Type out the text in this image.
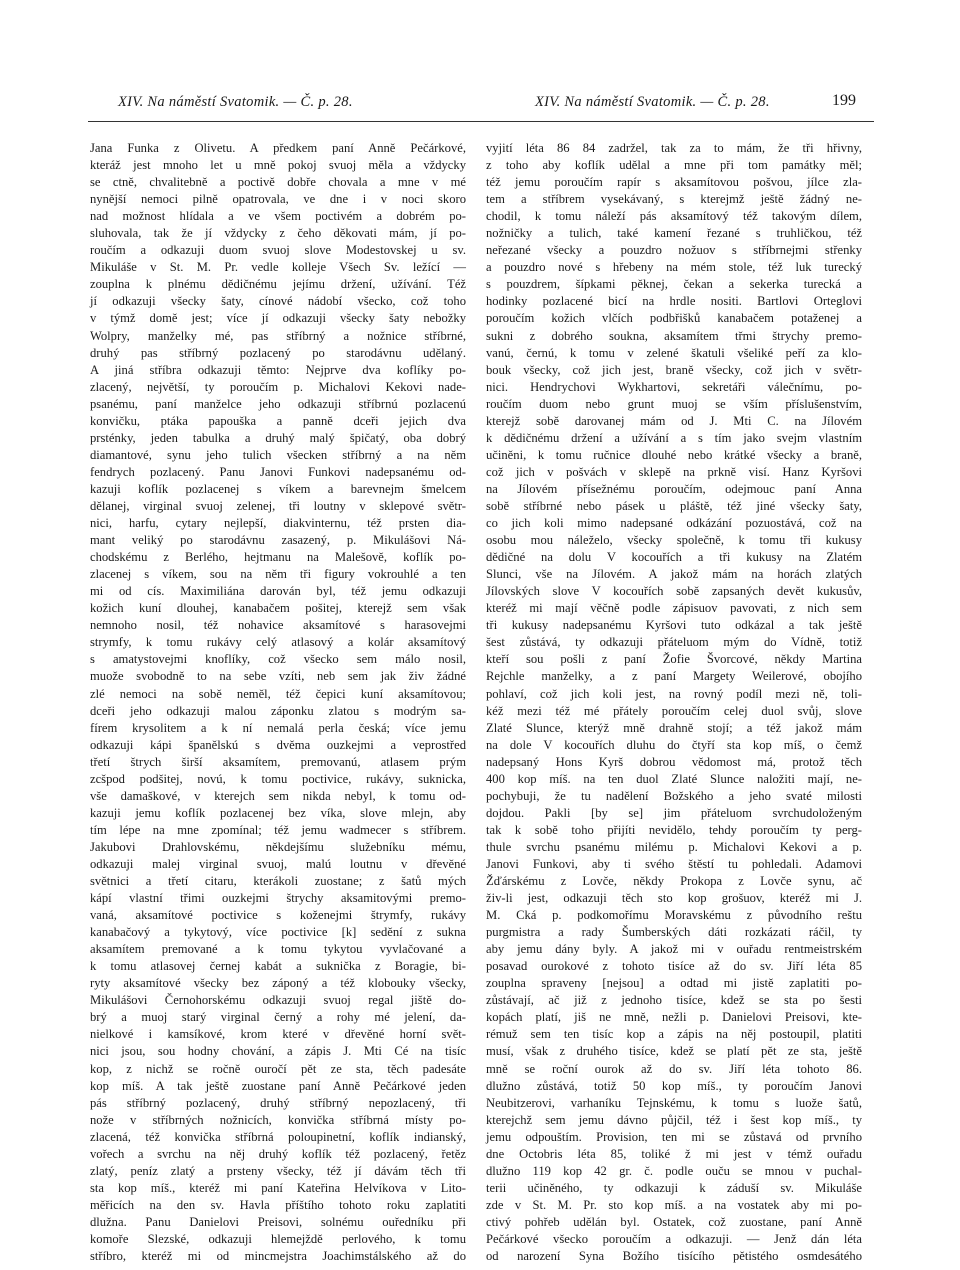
XIV. Na náměstí Svatomik. — Č. p. 28.	XIV. Na náměstí Svatomik. — Č. p. 28.	199
Jana Funka z Olivetu. A předkem paní Anně Pečárkové,
kteráž jest mnoho let u mně pokoj svuoj měla a vždycky
se ctně, chvalitebně a poctivě dobře chovala a mne v mé
nynější nemoci pilně opatrovala, ve dne i v noci skoro
nad možnost hlídala a ve všem poctivém a dobrém po-
sluhovala, tak že jí vždycky z čeho děkovati mám, jí po-
roučím a odkazuji duom svuoj slove Modestovskej u sv.
Mikuláše v St. M. Pr. vedle kolleje Všech Sv. ležící —
zouplna k plnému dědičnému jejímu držení, užívání. Též
jí odkazuji všecky šaty, cínové nádobí všecko, což toho
v týmž domě jest; více jí odkazuji všecky šaty nebožky
Wolpry, manželky mé, pas stříbrný a nožnice stříbrné,
druhý pas stříbrný pozlacený po starodávnu udělaný.
A jiná stříbra odkazuji těmto: Nejprve dva koflíky po-
zlacený, největší, ty poroučím p. Michalovi Kekovi nade-
psanému, paní manželce jeho odkazuji stříbrnú pozlacenú
konvičku, ptáka papouška a panně dceři jejich dva
prsténky, jeden tabulka a druhý malý špičatý, oba dobrý
diamantové, synu jeho tulich všecken stříbrný a na něm
fendrych pozlacený. Panu Janovi Funkovi nadepsanému od-
kazuji koflík pozlacenej s víkem a barevnejm šmelcem
dělanej, virginal svuoj zelenej, tři loutny v sklepové světr-
nici, harfu, cytary nejlepší, diakvinternu, též prsten dia-
mant veliký po starodávnu zasazený, p. Mikulášovi Ná-
chodskému z Berlého, hejtmanu na Malešově, koflík po-
zlacenej s víkem, sou na něm tři figury vokrouhlé a ten
mi od cís. Maximiliána darován byl, též jemu odkazuji
kožich kuní dlouhej, kanabačem pošitej, kterejž sem však
nemnoho nosil, též nohavice aksamítové s harasovejmi
strymfy, k tomu rukávy celý atlasový a kolár aksamítový
s amatystovejmi knoflíky, což všecko sem málo nosil,
muože svobodně to na sebe vzíti, neb sem jak živ žádné
zlé nemoci na sobě neměl, též čepici kuní aksamítovou;
dceři jeho odkazuji malou záponku zlatou s modrým sa-
fírem krysolitem a k ní nemalá perla česká; více jemu
odkazuji kápi španělskú s dvěma ouzkejmi a veprostřed
třetí štrych širší aksamítem, premovanú, atlasem prým
zcšpod podšitej, novú, k tomu poctivice, rukávy, suknicka,
vše damaškové, v kterejch sem nikda nebyl, k tomu od-
kazuji jemu koflík pozlacenej bez víka, slove mlejn, aby
tím lépe na mne zpomínal; též jemu wadmecer s stříbrem.
Jakubovi Drahlovskému, někdejšímu služebníku mému,
odkazuji malej virginal svuoj, malú loutnu v dřevěné
světnici a třetí citaru, kterákoli zuostane; z šatů mých
kápí vlastní třimi ouzkejmi štrychy aksamitovými premo-
vaná, aksamítové poctivice s koženejmi štrymfy, rukávy
kanabačový a tykytový, více poctivice [k] sedění z sukna
aksamítem premované a k tomu tykytou vyvlačované a
k tomu atlasovej černej kabát a suknička z Boragie, bi-
ryty aksamítové všecky bez záponý a též klobouky všecky,
Mikulášovi Černohorskému odkazuji svuoj regal jiště do-
brý a muoj starý virginal černý a rohy mé jelení, da-
nielkové i kamsíkové, krom které v dřevěné horní svět-
nici jsou, sou hodny chování, a zápis J. Mti Cé na tisíc
kop, z nichž se ročně ouročí pět ze sta, těch padesáte
kop míš. A tak ještě zuostane paní Anně Pečárkové jeden
pás stříbrný pozlacený, druhý stříbrný nepozlacený, tři
nože v stříbrných nožnicích, konvička stříbrná místy po-
zlacená, též konvička stříbrná poloupinetní, koflík indianský,
vořech a svrchu na něj druhý koflík též pozlacený, řetěz
zlatý, peníz zlatý a prsteny všecky, též jí dávám těch tři
sta kop míš., kteréž mi paní Kateřina Helvíkova v Lito-
měřicích na den sv. Havla příštího tohoto roku zaplatiti
dlužna. Panu Danielovi Preisovi, solnému ouředníku při
komoře Slezské, odkazuji hlemejždě perlového, k tomu
stříbro, kteréž mi od mincmejstra Joachimstálského až do
vyjití léta 86 84 zadržel, tak za to mám, že tři hřivny,
z toho aby koflík udělal a mne při tom památky měl;
též jemu poroučím rapír s aksamítovou pošvou, jílce zla-
tem a stříbrem vysekávaný, s kterejmž ještě žádný ne-
chodil, k tomu náleží pás aksamítový též takovým dílem,
nožničky a tulich, také kamení řezané s truhličkou, též
neřezané všecky a pouzdro nožuov s stříbrnejmi střenky
a pouzdro nové s hřebeny na mém stole, též luk turecký
s pouzdrem, šípkami pěknej, čekan a sekerka turecká a
hodinky pozlacené bicí na hrdle nositi. Bartlovi Orteglovi
poroučím kožich vlčích podbřišků kanabačem potaženej a
sukni z dobrého soukna, aksamítem třmi štrychy premo-
vanú, černú, k tomu v zelené škatuli všeliké peří za klo-
bouk všecky, což jich jest, braně všecky, což jich v světr-
nici. Hendrychovi Wykhartovi, sekretáři válečnímu, po-
roučím duom nebo grunt muoj se vším příslušenstvím,
kterejž sobě darovanej mám od J. Mti C. na Jílovém
k dědičnému držení a užívání a s tím jako svejm vlastním
učiněni, k tomu ručnice dlouhé nebo krátké všecky a braně,
což jich v pošvách v sklepě na prkně visí. Hanz Kyršovi
na Jílovém přísežnému poroučím, odejmouc paní Anna
sobě stříbrné nebo pásek u pláště, též jiné všecky šaty,
co jich koli mimo nadepsané odkázání pozuostává, což na
osobu mou náleželo, všecky společně, k tomu tři kukusy
dědičné na dolu V kocouřích a tři kukusy na Zlatém
Slunci, vše na Jílovém. A jakož mám na horách zlatých
Jílovských slove V kocouřích sobě zapsaných devět kukusův,
kteréž mi mají věčně podle zápisuov pavovati, z nich sem
tři kukusy nadepsanému Kyršovi tuto odkázal a tak ještě
šest zůstává, ty odkazuji přáteluom mým do Vídně, totiž
kteří sou pošli z paní Žofie Švorcové, někdy Martina
Rejchle manželky, a z paní Margety Weilerové, obojího
pohlaví, což jich koli jest, na rovný podíl mezi ně, toli-
kéž mezi též mé přátely poroučím celej duol svůj, slove
Zlaté Slunce, kterýž mně drahně stojí; a též jakož mám
na dole V kocouřích dluhu do čtyří sta kop míš, o čemž
nadepsaný Hons Kyrš dobrou vědomost má, protož těch
400 kop míš. na ten duol Zlaté Slunce naložiti mají, ne-
pochybuji, že tu nadělení Božského a jeho svaté milosti
dojdou. Pakli [by se] jim přáteluom svrchudoloženým
tak k sobě toho přijíti nevidělo, tehdy poroučím ty perg-
thule svrchu psanému milému p. Michalovi Kekovi a p.
Janovi Funkovi, aby ti svého štěstí tu pohledali. Adamovi
Žďárskému z Lovče, někdy Prokopa z Lovče synu, ač
živ-li jest, odkazuji těch sto kop grošuov, kteréž mi J.
M. Cká p. podkomořímu Moravskému z původního reštu
purgmistra a rady Šumberských dáti rozkázati ráčil, ty
aby jemu dány byly. A jakož mi v ouřadu rentmeistrském
posavad ourokové z tohoto tisíce až do sv. Jiří léta 85
zouplna spraveny [nejsou] a odtad mi jistě zaplatiti po-
zůstávají, ač již z jednoho tisíce, kdež se sta po šesti
kopách platí, jiš ne mně, nežli p. Danielovi Preisovi, kte-
rémuž sem ten tisíc kop a zápis na něj postoupil, platiti
musí, však z druhého tisíce, kdež se platí pět ze sta, ještě
mně se roční ourok až do sv. Jiří léta tohoto 86.
dlužno zůstává, totiž 50 kop míš., ty poroučím Janovi
Neubitzerovi, varhaníku Tejnskému, k tomu s luože šatů,
kterejchž sem jemu dávno půjčil, též i šest kop míš., ty
jemu odpouštím. Provision, ten mi se zůstavá od prvního
dne Octobris léta 85, toliké ž mi jest v témž ouřadu
dlužno 119 kop 42 gr. č. podle ouču se mnou v puchal-
terii učiněného, ty odkazuji k záduší sv. Mikuláše
zde v St. M. Pr. sto kop míš. a na vostatek aby mi po-
ctivý pohřeb udělán byl. Ostatek, což zuostane, paní Anně
Pečárkové všecko poroučím a odkazuji. — Jenž dán léta
od narození Syna Božího tisícího pětistého osmdesátého
